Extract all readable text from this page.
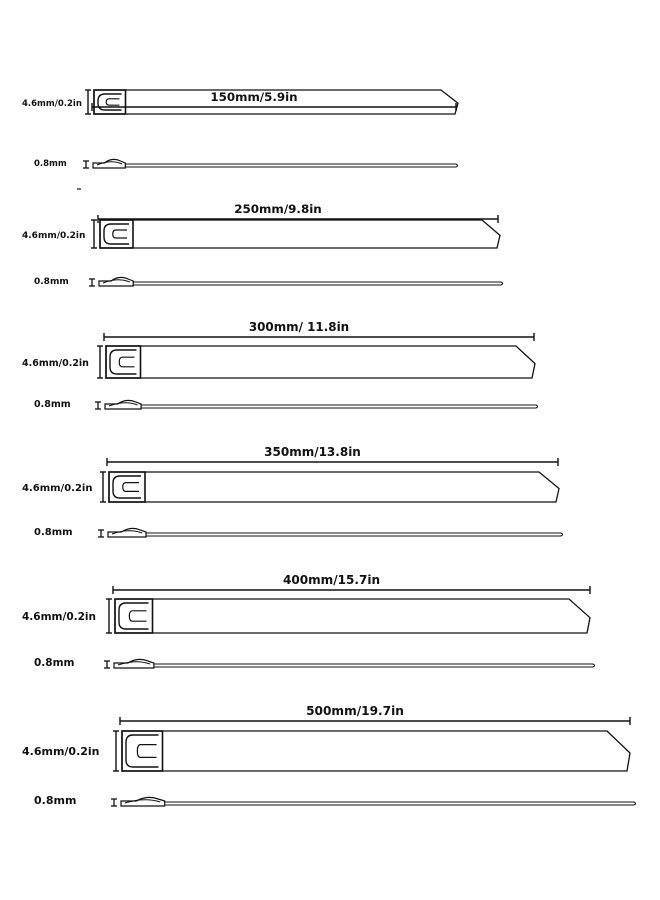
150mm/5.9in
4.6mm/0.2in
0.8mm
250mm/9.8in
4.6mm/0.2in
0.8mm
300mm/ 11.8in
4.6mm/0.2in
0.8mm
350mm/13.8in
4.6mm/0.2in
0.8mm
400mm/15.7in
4.6mm/0.2in
0.8mm
500mm/19.7in
4.6mm/0.2in
0.8mm
